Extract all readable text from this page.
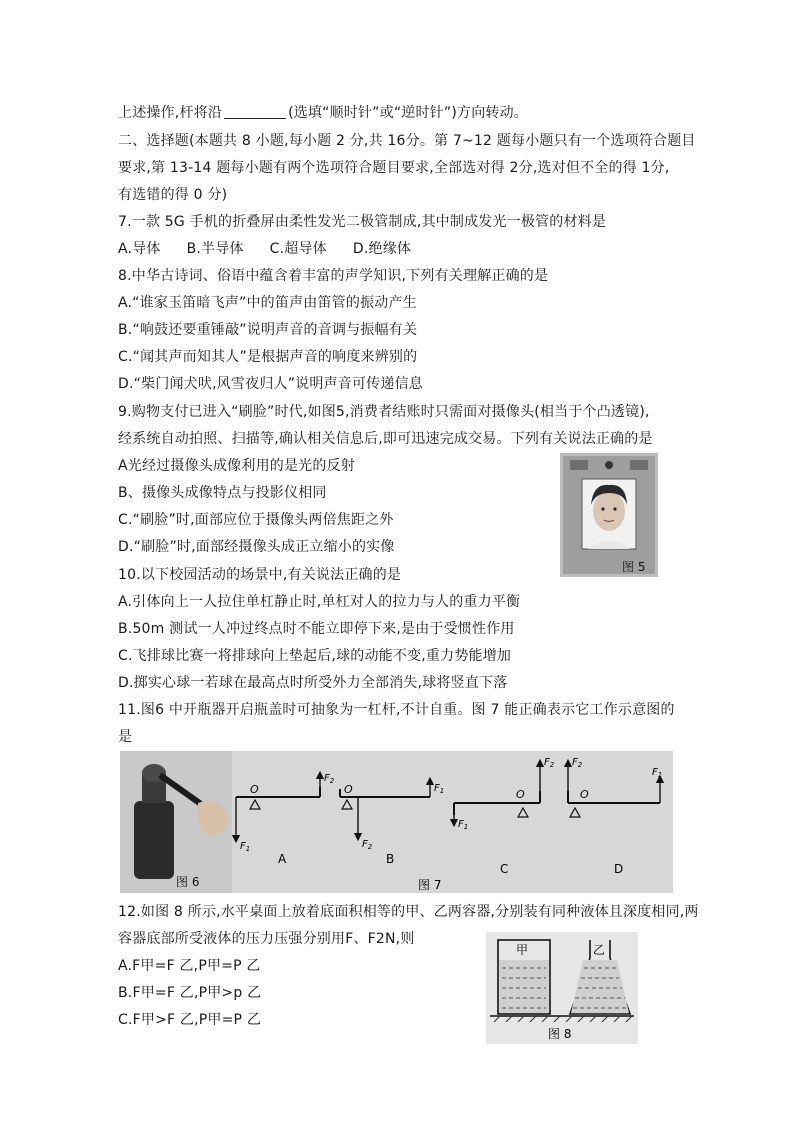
上述操作,杆将沿	(选填“顺时针”或“逆时针”)方向转动。
二、选择题(本题共 8 小题,每小题 2 分,共 16分。第 7~12 题每小题只有一个选项符合题目
要求,第 13-14 题每小题有两个选项符合题目要求,全部选对得 2分,选对但不全的得 1分,
有选错的得 0 分)
7.一款 5G 手机的折叠屏由柔性发光二极管制成,其中制成发光一极管的材料是
A.导体 B.半导体 C.超导体 D.绝缘体
8.中华古诗词、俗语中蕴含着丰富的声学知识,下列有关理解正确的是
A.“谁家玉笛暗飞声”中的笛声由笛管的振动产生
B.“响鼓还要重锤敲”说明声音的音调与振幅有关
C.“闻其声而知其人”是根据声音的响度来辨别的
D.“柴门闻犬吠,风雪夜归人”说明声音可传递信息
9.购物支付已进入“刷脸”时代,如图5,消费者结账时只需面对摄像头(相当于个凸透镜),
经系统自动拍照、扫描等,确认相关信息后,即可迅速完成交易。下列有关说法正确的是
A光经过摄像头成像利用的是光的反射
B、摄像头成像特点与投影仪相同
C.“刷脸”时,面部应位于摄像头两倍焦距之外
D.“刷脸”时,面部经摄像头成正立缩小的实像
图 5
10.以下校园活动的场景中,有关说法正确的是
A.引体向上一人拉住单杠静止时,单杠对人的拉力与人的重力平衡
B.50m 测试一人冲过终点时不能立即停下来,是由于受惯性作用
C.飞排球比赛一将排球向上垫起后,球的动能不变,重力势能增加
D.掷实心球一若球在最高点时所受外力全部消失,球将竖直下落
11.图6 中开瓶器开启瓶盖时可抽象为一杠杆,不计自重。图 7 能正确表示它工作示意图的
是
图 6
O
$F_1$
$F_2$
A
O
$F_2$
$F_1$
B
O
$F_1$
$F_2$
C
O
$F_2$
$F_1$
D
图 7
12.如图 8 所示,水平桌面上放着底面积相等的甲、乙两容器,分别装有同种液体且深度相同,两
容器底部所受液体的压力压强分别用F、F2N,则
A.F甲=F 乙,P甲=P 乙
B.F甲=F 乙,P甲>p 乙
C.F甲>F 乙,P甲=P 乙
甲	乙
图 8
